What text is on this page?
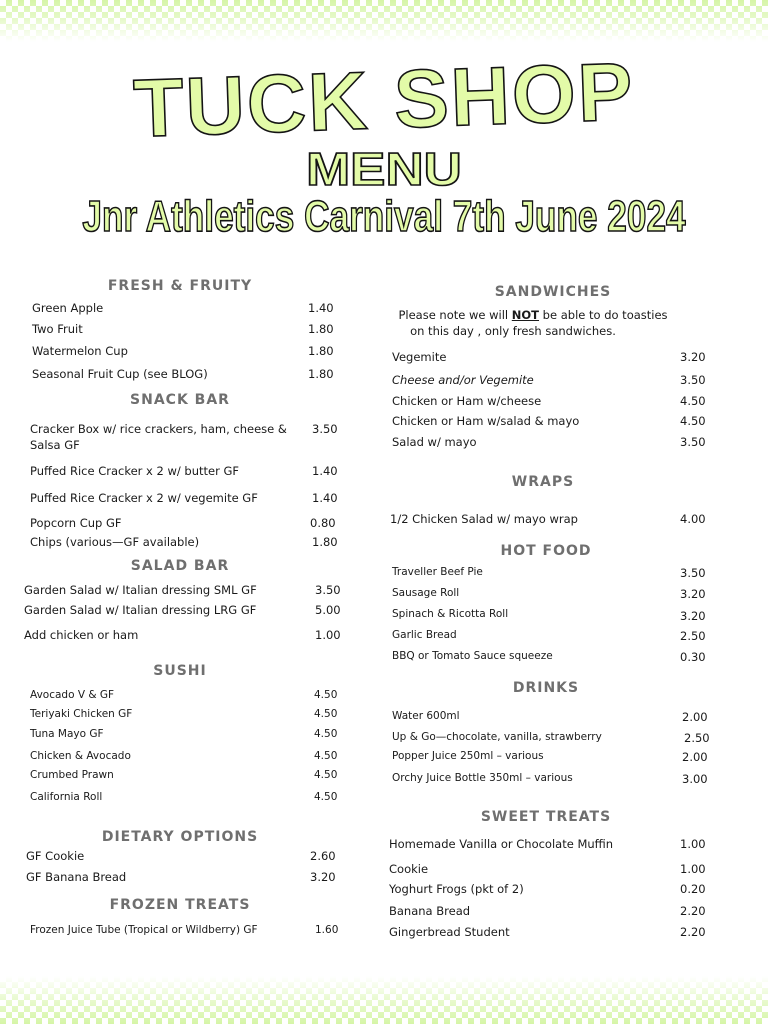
TUCK SHOP
MENU
Jnr Athletics Carnival 7th June 2024
FRESH & FRUITY
Green Apple	1.40
Two Fruit	1.80
Watermelon Cup	1.80
Seasonal Fruit Cup (see BLOG)	1.80
SNACK BAR
Cracker Box w/ rice crackers, ham, cheese &
Salsa GF
3.50
Puffed Rice Cracker x 2 w/ butter GF	1.40
Puffed Rice Cracker x 2 w/ vegemite GF	1.40
Popcorn Cup GF	0.80
Chips (various—GF available)	1.80
SALAD BAR
Garden Salad w/ Italian dressing SML GF	3.50
Garden Salad w/ Italian dressing LRG GF	5.00
Add chicken or ham	1.00
SUSHI
Avocado V & GF	4.50
Teriyaki Chicken GF	4.50
Tuna Mayo GF	4.50
Chicken & Avocado	4.50
Crumbed Prawn	4.50
California Roll	4.50
DIETARY OPTIONS
GF Cookie	2.60
GF Banana Bread	3.20
FROZEN TREATS
Frozen Juice Tube (Tropical or Wildberry) GF	1.60
SANDWICHES
Please note we will NOT be able to do toasties
on this day , only fresh sandwiches.
Vegemite	3.20
Cheese and/or Vegemite	3.50
Chicken or Ham w/cheese	4.50
Chicken or Ham w/salad & mayo	4.50
Salad w/ mayo	3.50
WRAPS
1/2 Chicken Salad w/ mayo wrap	4.00
HOT FOOD
Traveller Beef Pie	3.50
Sausage Roll	3.20
Spinach & Ricotta Roll	3.20
Garlic Bread	2.50
BBQ or Tomato Sauce squeeze	0.30
DRINKS
Water 600ml	2.00
Up & Go—chocolate, vanilla, strawberry	2.50
Popper Juice 250ml – various	2.00
Orchy Juice Bottle 350ml – various	3.00
SWEET TREATS
Homemade Vanilla or Chocolate Muffin	1.00
Cookie	1.00
Yoghurt Frogs (pkt of 2)	0.20
Banana Bread	2.20
Gingerbread Student	2.20
